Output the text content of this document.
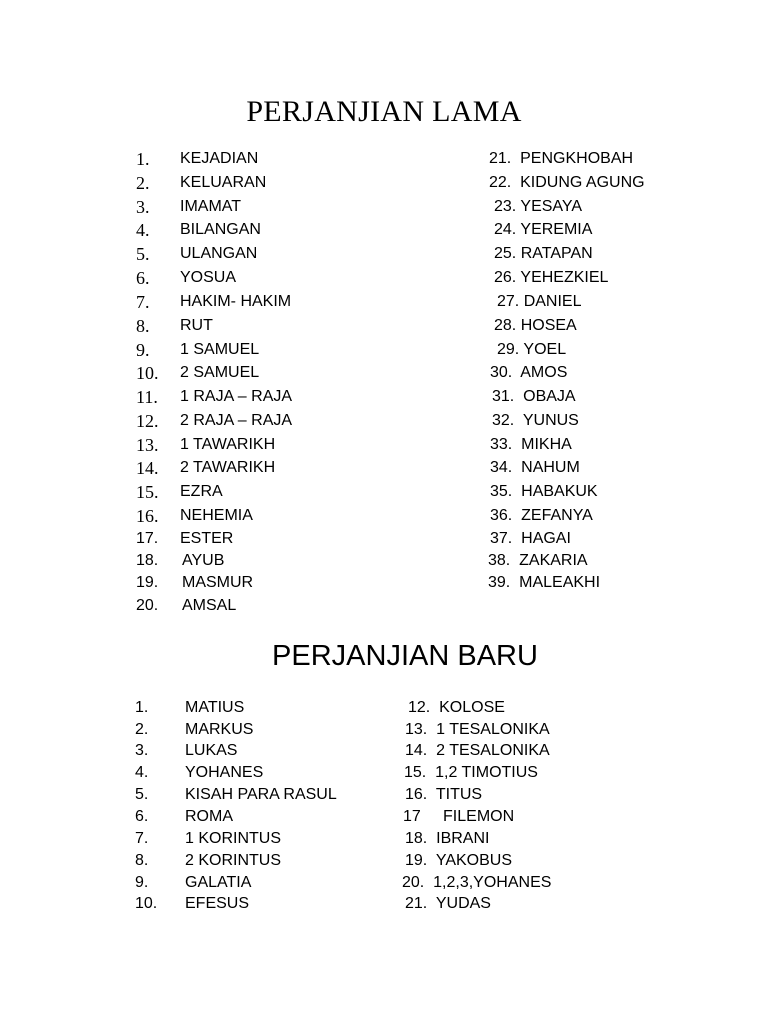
PERJANJIAN LAMA
1. KEJADIAN
2. KELUARAN
3. IMAMAT
4. BILANGAN
5. ULANGAN
6. YOSUA
7. HAKIM- HAKIM
8. RUT
9. 1 SAMUEL
10. 2 SAMUEL
11. 1 RAJA – RAJA
12. 2 RAJA – RAJA
13. 1 TAWARIKH
14. 2 TAWARIKH
15. EZRA
16. NEHEMIA
17. ESTER
18. AYUB
19. MASMUR
20. AMSAL
21.  PENGKHOBAH
22.  KIDUNG AGUNG
23. YESAYA
24. YEREMIA
25. RATAPAN
26. YEHEZKIEL
27. DANIEL
28. HOSEA
29. YOEL
30.  AMOS
31.  OBAJA
32.  YUNUS
33.  MIKHA
34.  NAHUM
35.  HABAKUK
36.  ZEFANYA
37.  HAGAI
38.  ZAKARIA
39.  MALEAKHI
PERJANJIAN BARU
1. MATIUS
2. MARKUS
3. LUKAS
4. YOHANES
5. KISAH PARA RASUL
6. ROMA
7. 1 KORINTUS
8. 2 KORINTUS
9. GALATIA
10. EFESUS
12.  KOLOSE
13.  1 TESALONIKA
14.  2 TESALONIKA
15.  1,2 TIMOTIUS
16.  TITUS
17     FILEMON
18.  IBRANI
19.  YAKOBUS
20.  1,2,3,YOHANES
21.  YUDAS
